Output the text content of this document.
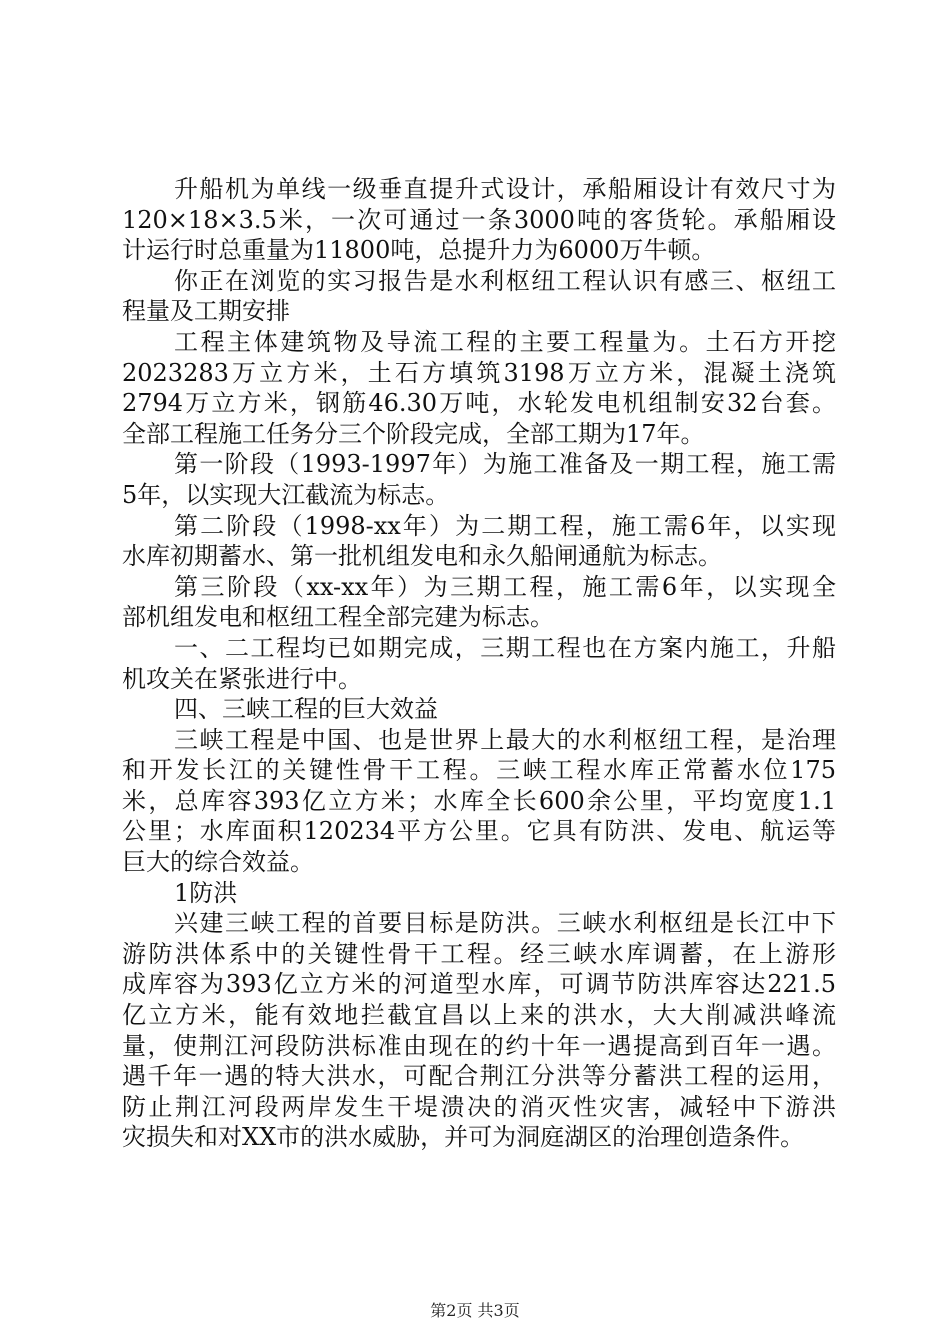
升船机为单线一级垂直提升式设计，承船厢设计有效尺寸为
120×18×3.5米，一次可通过一条3000吨的客货轮。承船厢设
计运行时总重量为11800吨，总提升力为6000万牛顿。
你正在浏览的实习报告是水利枢纽工程认识有感三、枢纽工
程量及工期安排
工程主体建筑物及导流工程的主要工程量为。土石方开挖
2023283万立方米，土石方填筑3198万立方米，混凝土浇筑
2794万立方米，钢筋46.30万吨，水轮发电机组制安32台套。
全部工程施工任务分三个阶段完成，全部工期为17年。
第一阶段（1993-1997年）为施工准备及一期工程，施工需
5年，以实现大江截流为标志。
第二阶段（1998-xx年）为二期工程，施工需6年，以实现
水库初期蓄水、第一批机组发电和永久船闸通航为标志。
第三阶段（xx-xx年）为三期工程，施工需6年，以实现全
部机组发电和枢纽工程全部完建为标志。
一、二工程均已如期完成，三期工程也在方案内施工，升船
机攻关在紧张进行中。
四、三峡工程的巨大效益
三峡工程是中国、也是世界上最大的水利枢纽工程，是治理
和开发长江的关键性骨干工程。三峡工程水库正常蓄水位175
米，总库容393亿立方米；水库全长600余公里，平均宽度1.1
公里；水库面积120234平方公里。它具有防洪、发电、航运等
巨大的综合效益。
1防洪
兴建三峡工程的首要目标是防洪。三峡水利枢纽是长江中下
游防洪体系中的关键性骨干工程。经三峡水库调蓄，在上游形
成库容为393亿立方米的河道型水库，可调节防洪库容达221.5
亿立方米，能有效地拦截宜昌以上来的洪水，大大削减洪峰流
量，使荆江河段防洪标准由现在的约十年一遇提高到百年一遇。
遇千年一遇的特大洪水，可配合荆江分洪等分蓄洪工程的运用，
防止荆江河段两岸发生干堤溃决的消灭性灾害，减轻中下游洪
灾损失和对XX市的洪水威胁，并可为洞庭湖区的治理创造条件。
第2页 共3页
